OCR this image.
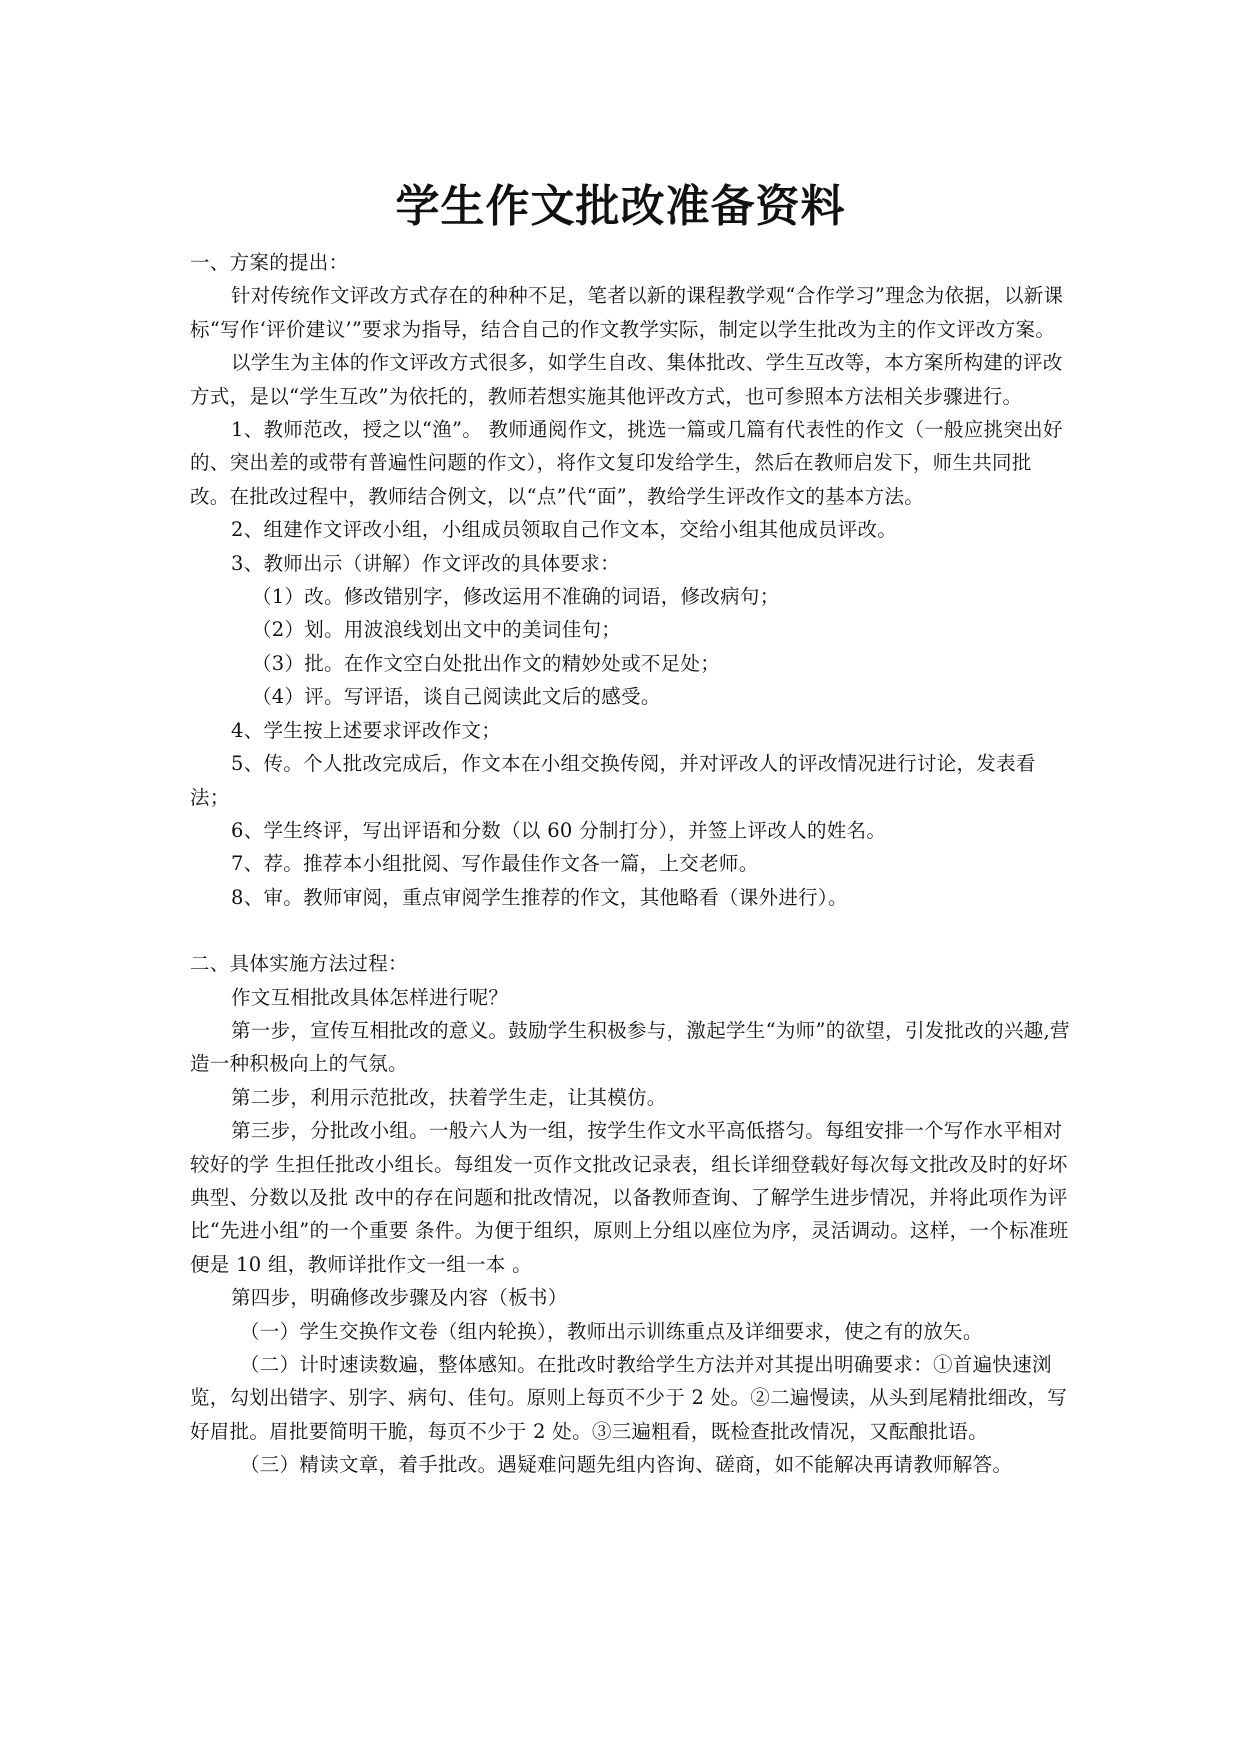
学生作文批改准备资料

一、方案的提出：

针对传统作文评改方式存在的种种不足，笔者以新的课程教学观“合作学习”理念为依据，以新课标“写作‘评价建议’”要求为指导，结合自己的作文教学实际，制定以学生批改为主的作文评改方案。

以学生为主体的作文评改方式很多，如学生自改、集体批改、学生互改等，本方案所构建的评改方式，是以“学生互改”为依托的，教师若想实施其他评改方式，也可参照本方法相关步骤进行。

1、教师范改，授之以“渔”。 教师通阅作文，挑选一篇或几篇有代表性的作文（一般应挑突出好的、突出差的或带有普遍性问题的作文），将作文复印发给学生，然后在教师启发下，师生共同批改。在批改过程中，教师结合例文，以“点”代“面”，教给学生评改作文的基本方法。

2、组建作文评改小组，小组成员领取自己作文本，交给小组其他成员评改。

3、教师出示（讲解）作文评改的具体要求：

（1）改。修改错别字，修改运用不准确的词语，修改病句；

（2）划。用波浪线划出文中的美词佳句；

（3）批。在作文空白处批出作文的精妙处或不足处；

（4）评。写评语，谈自己阅读此文后的感受。

4、学生按上述要求评改作文；

5、传。个人批改完成后，作文本在小组交换传阅，并对评改人的评改情况进行讨论，发表看法；

6、学生终评，写出评语和分数（以 60 分制打分），并签上评改人的姓名。

7、荐。推荐本小组批阅、写作最佳作文各一篇，上交老师。

8、审。教师审阅，重点审阅学生推荐的作文，其他略看（课外进行）。

二、具体实施方法过程：

作文互相批改具体怎样进行呢？

第一步，宣传互相批改的意义。鼓励学生积极参与，激起学生“为师”的欲望，引发批改的兴趣,营造一种积极向上的气氛。

第二步，利用示范批改，扶着学生走，让其模仿。

第三步，分批改小组。一般六人为一组，按学生作文水平高低搭匀。每组安排一个写作水平相对较好的学 生担任批改小组长。每组发一页作文批改记录表，组长详细登载好每次每文批改及时的好坏典型、分数以及批 改中的存在问题和批改情况，以备教师查询、了解学生进步情况，并将此项作为评比“先进小组”的一个重要 条件。为便于组织，原则上分组以座位为序，灵活调动。这样，一个标准班便是 10 组，教师详批作文一组一本 。

第四步，明确修改步骤及内容（板书）

（一）学生交换作文卷（组内轮换），教师出示训练重点及详细要求，使之有的放矢。

（二）计时速读数遍，整体感知。在批改时教给学生方法并对其提出明确要求：①首遍快速浏览，勾划出错字、别字、病句、佳句。原则上每页不少于 2 处。②二遍慢读，从头到尾精批细改，写好眉批。眉批要简明干脆，每页不少于 2 处。③三遍粗看，既检查批改情况，又酝酿批语。

（三）精读文章，着手批改。遇疑难问题先组内咨询、磋商，如不能解决再请教师解答。
